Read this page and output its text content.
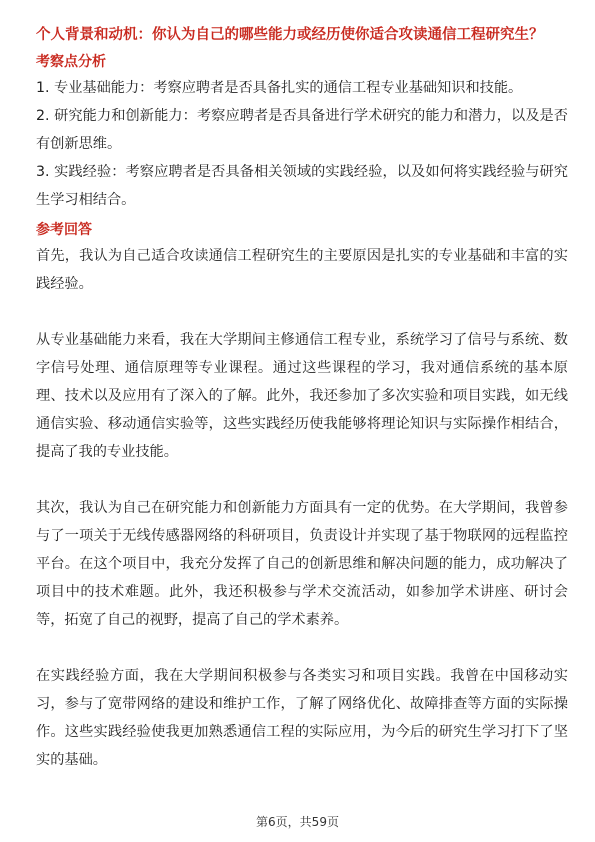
个人背景和动机：你认为自己的哪些能力或经历使你适合攻读通信工程研究生？

考察点分析

1. 专业基础能力：考察应聘者是否具备扎实的通信工程专业基础知识和技能。

2. 研究能力和创新能力：考察应聘者是否具备进行学术研究的能力和潜力，以及是否有创新思维。

3. 实践经验：考察应聘者是否具备相关领域的实践经验，以及如何将实践经验与研究生学习相结合。

参考回答

首先，我认为自己适合攻读通信工程研究生的主要原因是扎实的专业基础和丰富的实践经验。

从专业基础能力来看，我在大学期间主修通信工程专业，系统学习了信号与系统、数字信号处理、通信原理等专业课程。通过这些课程的学习，我对通信系统的基本原理、技术以及应用有了深入的了解。此外，我还参加了多次实验和项目实践，如无线通信实验、移动通信实验等，这些实践经历使我能够将理论知识与实际操作相结合，提高了我的专业技能。

其次，我认为自己在研究能力和创新能力方面具有一定的优势。在大学期间，我曾参与了一项关于无线传感器网络的科研项目，负责设计并实现了基于物联网的远程监控平台。在这个项目中，我充分发挥了自己的创新思维和解决问题的能力，成功解决了项目中的技术难题。此外，我还积极参与学术交流活动，如参加学术讲座、研讨会等，拓宽了自己的视野，提高了自己的学术素养。

在实践经验方面，我在大学期间积极参与各类实习和项目实践。我曾在中国移动实习，参与了宽带网络的建设和维护工作，了解了网络优化、故障排查等方面的实际操作。这些实践经验使我更加熟悉通信工程的实际应用，为今后的研究生学习打下了坚实的基础。

第6页，共59页
